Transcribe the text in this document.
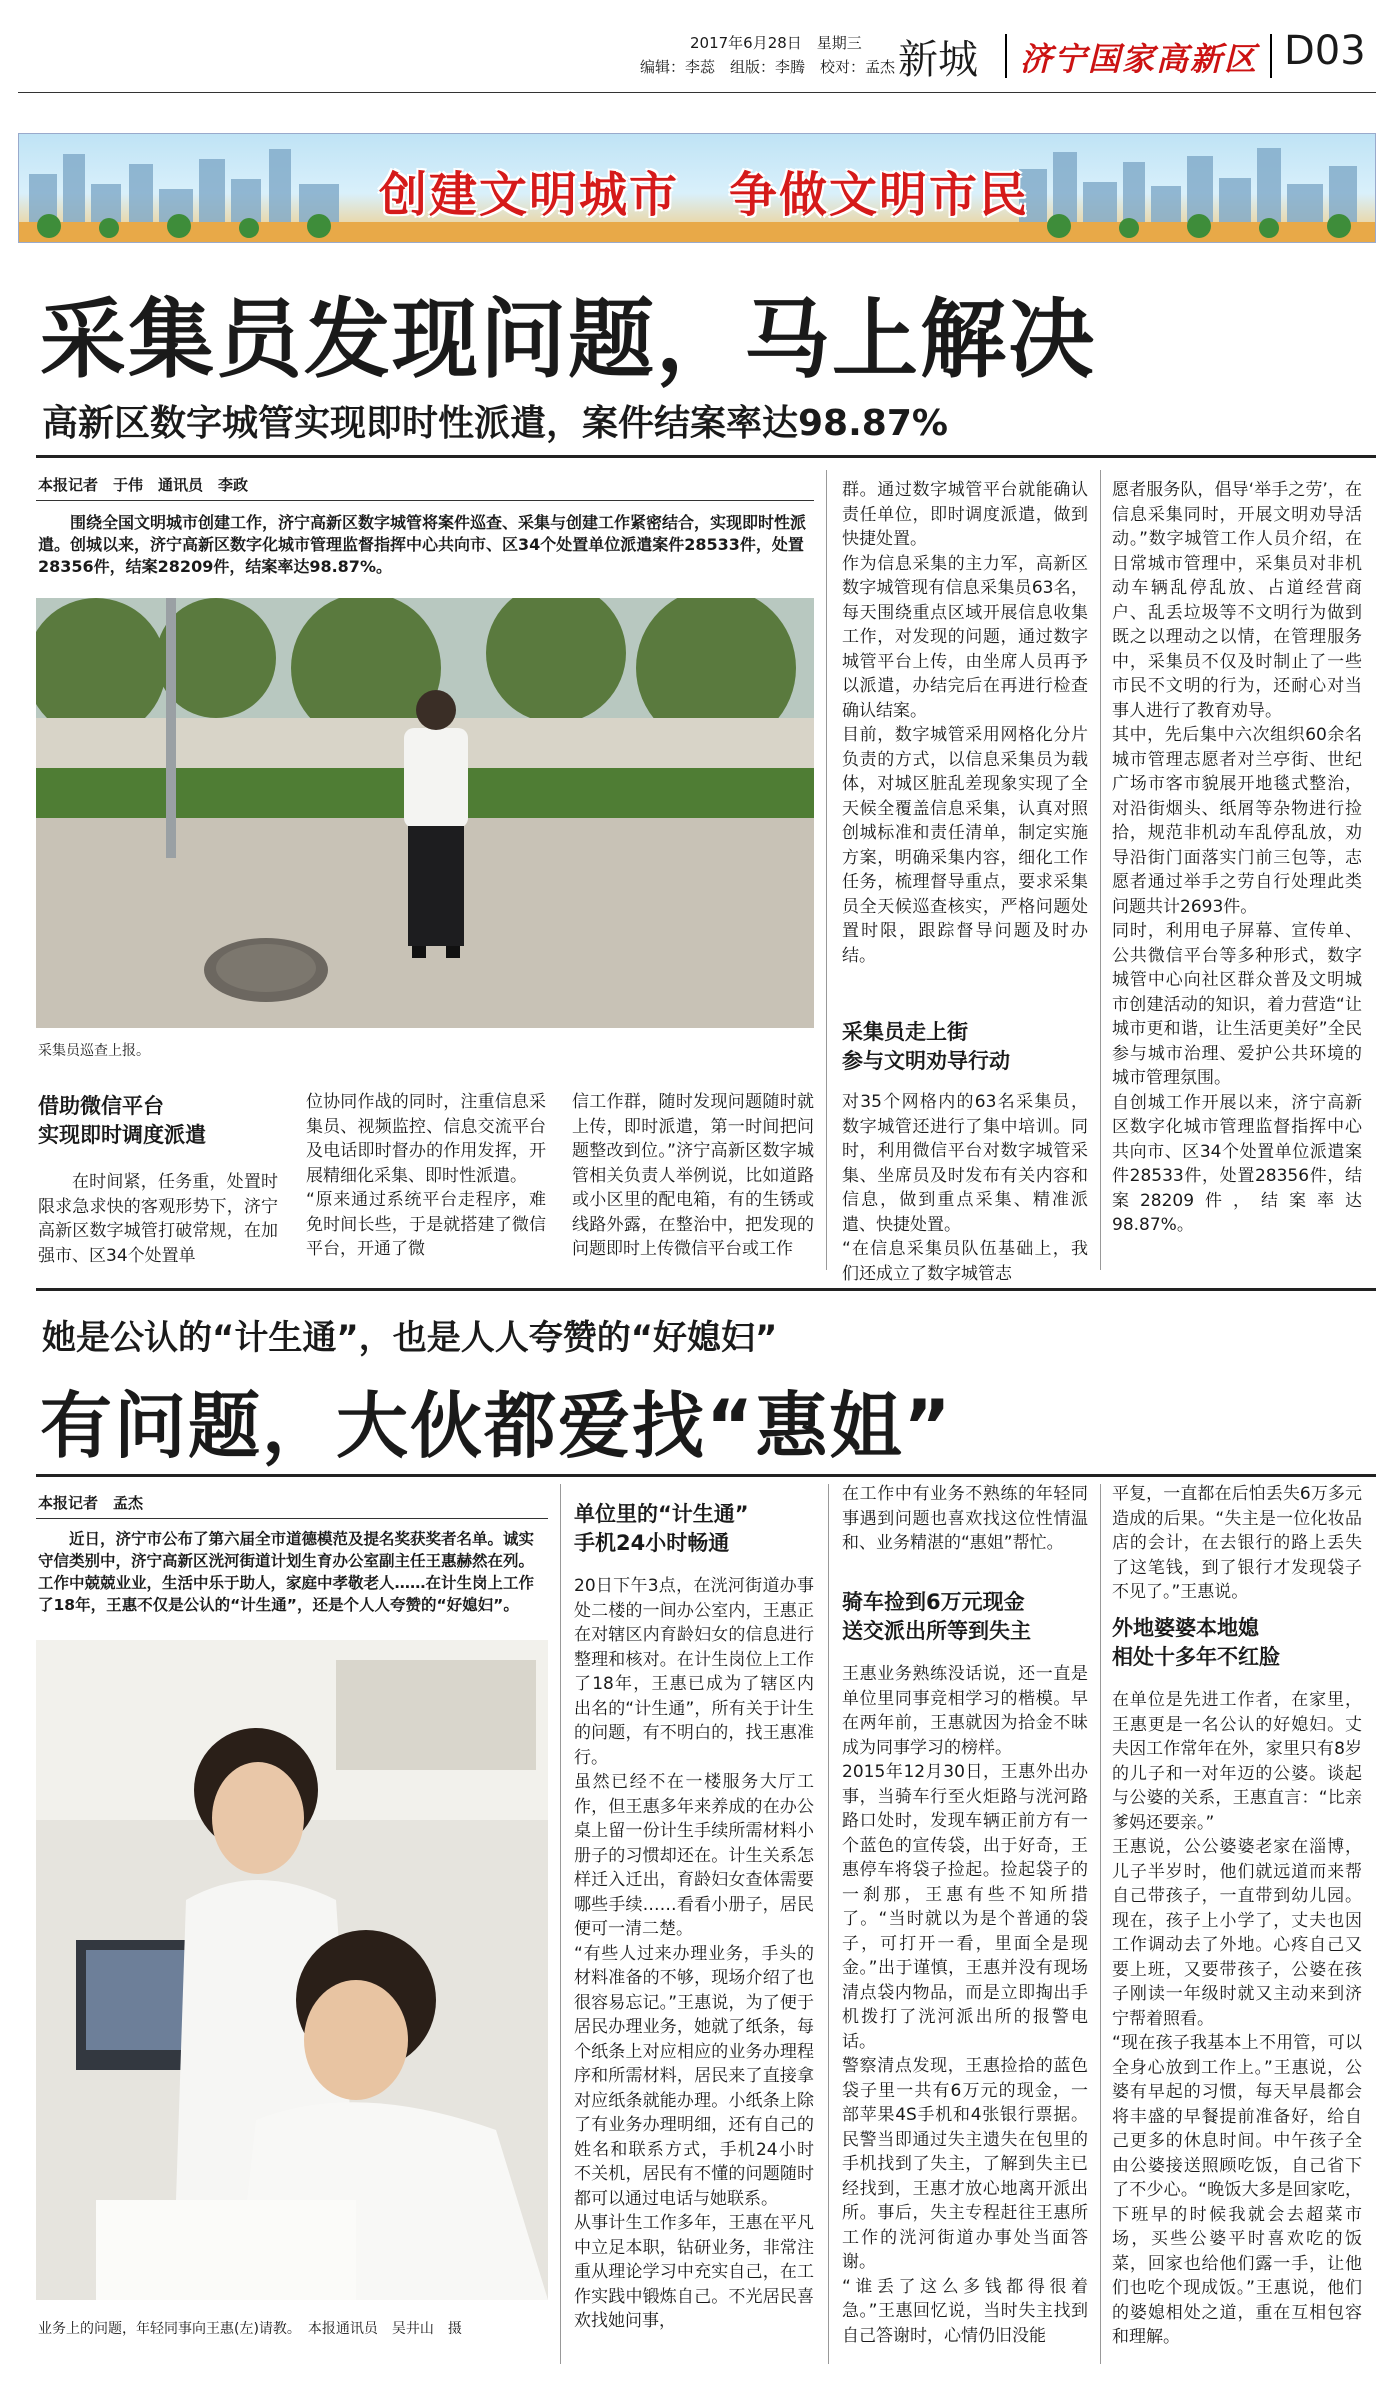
2017年6月28日　星期三
编辑：李蕊　组版：李腾　校对：孟杰 新城 济宁国家高新区 D03
创建文明城市　争做文明市民
采集员发现问题，马上解决
高新区数字城管实现即时性派遣，案件结案率达98.87%
本报记者　于伟　通讯员　李政
围绕全国文明城市创建工作，济宁高新区数字城管将案件巡查、采集与创建工作紧密结合，实现即时性派遣。创城以来，济宁高新区数字化城市管理监督指挥中心共向市、区34个处置单位派遣案件28533件，处置28356件，结案28209件，结案率达98.87%。
采集员巡查上报。
借助微信平台
实现即时调度派遣

在时间紧，任务重，处置时限求急求快的客观形势下，济宁高新区数字城管打破常规，在加强市、区34个处置单

位协同作战的同时，注重信息采集员、视频监控、信息交流平台及电话即时督办的作用发挥，开展精细化采集、即时性派遣。
“原来通过系统平台走程序，难免时间长些，于是就搭建了微信平台，开通了微
信工作群，随时发现问题随时就上传，即时派遣，第一时间把问题整改到位。”济宁高新区数字城管相关负责人举例说，比如道路或小区里的配电箱，有的生锈或线路外露，在整治中，把发现的问题即时上传微信平台或工作
群。通过数字城管平台就能确认责任单位，即时调度派遣，做到快捷处置。
作为信息采集的主力军，高新区数字城管现有信息采集员63名，每天围绕重点区域开展信息收集工作，对发现的问题，通过数字城管平台上传，由坐席人员再予以派遣，办结完后在再进行检查确认结案。
目前，数字城管采用网格化分片负责的方式，以信息采集员为载体，对城区脏乱差现象实现了全天候全覆盖信息采集，认真对照创城标准和责任清单，制定实施方案，明确采集内容，细化工作任务，梳理督导重点，要求采集员全天候巡查核实，严格问题处置时限，跟踪督导问题及时办结。
采集员走上街
参与文明劝导行动
对35个网格内的63名采集员，数字城管还进行了集中培训。同时，利用微信平台对数字城管采集、坐席员及时发布有关内容和信息，做到重点采集、精准派遣、快捷处置。
“在信息采集员队伍基础上，我们还成立了数字城管志
愿者服务队，倡导‘举手之劳’，在信息采集同时，开展文明劝导活动。”数字城管工作人员介绍，在日常城市管理中，采集员对非机动车辆乱停乱放、占道经营商户、乱丢垃圾等不文明行为做到既之以理动之以情，在管理服务中，采集员不仅及时制止了一些市民不文明的行为，还耐心对当事人进行了教育劝导。
其中，先后集中六次组织60余名城市管理志愿者对兰亭街、世纪广场市客市貌展开地毯式整治，对沿街烟头、纸屑等杂物进行捡拾，规范非机动车乱停乱放，劝导沿街门面落实门前三包等，志愿者通过举手之劳自行处理此类问题共计2693件。
同时，利用电子屏幕、宣传单、公共微信平台等多种形式，数字城管中心向社区群众普及文明城市创建活动的知识，着力营造“让城市更和谐，让生活更美好”全民参与城市治理、爱护公共环境的城市管理氛围。
自创城工作开展以来，济宁高新区数字化城市管理监督指挥中心共向市、区34个处置单位派遣案件28533件，处置28356件，结案28209件，结案率达98.87%。
她是公认的“计生通”，也是人人夸赞的“好媳妇”
有问题，大伙都爱找“惠姐”
本报记者　孟杰
近日，济宁市公布了第六届全市道德模范及提名奖获奖者名单。诚实守信类别中，济宁高新区洸河街道计划生育办公室副主任王惠赫然在列。工作中兢兢业业，生活中乐于助人，家庭中孝敬老人……在计生岗上工作了18年，王惠不仅是公认的“计生通”，还是个人人夸赞的“好媳妇”。
业务上的问题，年轻同事向王惠(左)请教。　本报通讯员　吴井山　摄
单位里的“计生通”
手机24小时畅通
20日下午3点，在洸河街道办事处二楼的一间办公室内，王惠正在对辖区内育龄妇女的信息进行整理和核对。在计生岗位上工作了18年，王惠已成为了辖区内出名的“计生通”，所有关于计生的问题，有不明白的，找王惠准行。
虽然已经不在一楼服务大厅工作，但王惠多年来养成的在办公桌上留一份计生手续所需材料小册子的习惯却还在。计生关系怎样迁入迁出，育龄妇女查体需要哪些手续……看看小册子，居民便可一清二楚。
“有些人过来办理业务，手头的材料准备的不够，现场介绍了也很容易忘记。”王惠说，为了便于居民办理业务，她就了纸条，每个纸条上对应相应的业务办理程序和所需材料，居民来了直接拿对应纸条就能办理。小纸条上除了有业务办理明细，还有自己的姓名和联系方式，手机24小时不关机，居民有不懂的问题随时都可以通过电话与她联系。
从事计生工作多年，王惠在平凡中立足本职，钻研业务，非常注重从理论学习中充实自己，在工作实践中锻炼自己。不光居民喜欢找她问事，
在工作中有业务不熟练的年轻同事遇到问题也喜欢找这位性情温和、业务精湛的“惠姐”帮忙。
骑车捡到6万元现金
送交派出所等到失主
王惠业务熟练没话说，还一直是单位里同事竞相学习的楷模。早在两年前，王惠就因为拾金不昧成为同事学习的榜样。
2015年12月30日，王惠外出办事，当骑车行至火炬路与洸河路路口处时，发现车辆正前方有一个蓝色的宣传袋，出于好奇，王惠停车将袋子捡起。捡起袋子的一刹那，王惠有些不知所措了。“当时就以为是个普通的袋子，可打开一看，里面全是现金。”出于谨慎，王惠并没有现场清点袋内物品，而是立即掏出手机拨打了洸河派出所的报警电话。
警察清点发现，王惠捡拾的蓝色袋子里一共有6万元的现金，一部苹果4S手机和4张银行票据。民警当即通过失主遗失在包里的手机找到了失主，了解到失主已经找到，王惠才放心地离开派出所。事后，失主专程赶往王惠所工作的洸河街道办事处当面答谢。
“谁丢了这么多钱都得很着急。”王惠回忆说，当时失主找到自己答谢时，心情仍旧没能
平复，一直都在后怕丢失6万多元造成的后果。“失主是一位化妆品店的会计，在去银行的路上丢失了这笔钱，到了银行才发现袋子不见了。”王惠说。
外地婆婆本地媳
相处十多年不红脸
在单位是先进工作者，在家里，王惠更是一名公认的好媳妇。丈夫因工作常年在外，家里只有8岁的儿子和一对年迈的公婆。谈起与公婆的关系，王惠直言：“比亲爹妈还要亲。”
王惠说，公公婆婆老家在淄博，儿子半岁时，他们就远道而来帮自己带孩子，一直带到幼儿园。现在，孩子上小学了，丈夫也因工作调动去了外地。心疼自己又要上班，又要带孩子，公婆在孩子刚读一年级时就又主动来到济宁帮着照看。
“现在孩子我基本上不用管，可以全身心放到工作上。”王惠说，公婆有早起的习惯，每天早晨都会将丰盛的早餐提前准备好，给自己更多的休息时间。中午孩子全由公婆接送照顾吃饭，自己省下了不少心。“晚饭大多是回家吃，下班早的时候我就会去超菜市场，买些公婆平时喜欢吃的饭菜，回家也给他们露一手，让他们也吃个现成饭。”王惠说，他们的婆媳相处之道，重在互相包容和理解。
